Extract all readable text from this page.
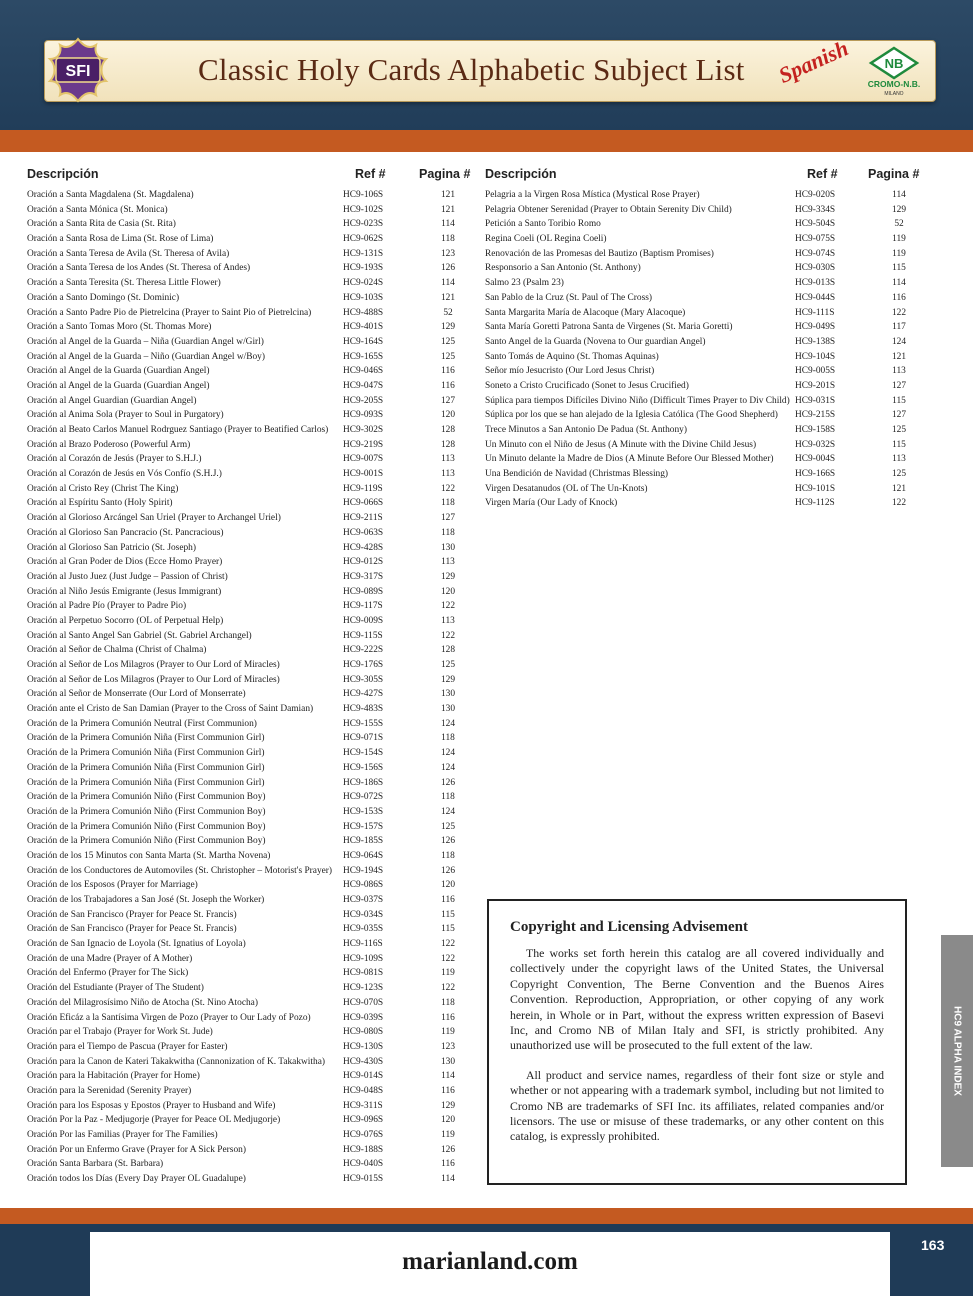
SFI	Classic Holy Cards Alphabetic Subject List Spanish	NB
CROMO-N.B.
MILANO
Descripción	Ref #	Pagina # Descripción	Ref # Pagina #
Oración a Santa Magdalena (St. Magdalena)	HC9-106S	121
Oración a Santa Mónica (St. Monica)	HC9-102S	121
Oración a Santa Rita de Casia (St. Rita)	HC9-023S	114
Oración a Santa Rosa de Lima (St. Rose of Lima)	HC9-062S	118
Oración a Santa Teresa de Avila (St. Theresa of Avila)	HC9-131S	123
Oración a Santa Teresa de los Andes (St. Theresa of Andes)	HC9-193S	126
Oración a Santa Teresita (St. Theresa Little Flower)	HC9-024S	114
Oración a Santo Domingo (St. Dominic)	HC9-103S	121
Oración a Santo Padre Pio de Pietrelcina (Prayer to Saint Pio of Pietrelcina)	HC9-488S	52
Oración a Santo Tomas Moro (St. Thomas More)	HC9-401S	129
Oración al Angel de la Guarda – Niña (Guardian Angel w/Girl)	HC9-164S	125
Oración al Angel de la Guarda – Niño (Guardian Angel w/Boy)	HC9-165S	125
Oración al Angel de la Guarda (Guardian Angel)	HC9-046S	116
Oración al Angel de la Guarda (Guardian Angel)	HC9-047S	116
Oración al Angel Guardian (Guardian Angel)	HC9-205S	127
Oración al Anima Sola (Prayer to Soul in Purgatory)	HC9-093S	120
Oración al Beato Carlos Manuel Rodrguez Santiago (Prayer to Beatified Carlos) HC9-302S	128
Oración al Brazo Poderoso (Powerful Arm)	HC9-219S	128
Oración al Corazón de Jesús (Prayer to S.H.J.)	HC9-007S	113
Oración al Corazón de Jesús en Vós Confío (S.H.J.)	HC9-001S	113
Oración al Cristo Rey (Christ The King)	HC9-119S	122
Oración al Espíritu Santo (Holy Spirit)	HC9-066S	118
Oración al Glorioso Arcángel San Uriel (Prayer to Archangel Uriel)	HC9-211S	127
Oración al Glorioso San Pancracio (St. Pancracious)	HC9-063S	118
Oración al Glorioso San Patricio (St. Joseph)	HC9-428S	130
Oración al Gran Poder de Dios (Ecce Homo Prayer)	HC9-012S	113
Oración al Justo Juez (Just Judge – Passion of Christ)	HC9-317S	129
Oración al Niño Jesús Emigrante (Jesus Immigrant)	HC9-089S	120
Oración al Padre Pío (Prayer to Padre Pio)	HC9-117S	122
Oración al Perpetuo Socorro (OL of Perpetual Help)	HC9-009S	113
Oración al Santo Angel San Gabriel (St. Gabriel Archangel)	HC9-115S	122
Oración al Señor de Chalma (Christ of Chalma)	HC9-222S	128
Oración al Señor de Los Milagros (Prayer to Our Lord of Miracles)	HC9-176S	125
Oración al Señor de Los Milagros (Prayer to Our Lord of Miracles)	HC9-305S	129
Oración al Señor de Monserrate (Our Lord of Monserrate)	HC9-427S	130
Oración ante el Cristo de San Damian (Prayer to the Cross of Saint Damian)	HC9-483S	130
Oración de la Primera Comunión Neutral (First Communion)	HC9-155S	124
Oración de la Primera Comunión Niña (First Communion Girl)	HC9-071S	118
Oración de la Primera Comunión Niña (First Communion Girl)	HC9-154S	124
Oración de la Primera Comunión Niña (First Communion Girl)	HC9-156S	124
Oración de la Primera Comunión Niña (First Communion Girl)	HC9-186S	126
Oración de la Primera Comunión Niño (First Communion Boy)	HC9-072S	118
Oración de la Primera Comunión Niño (First Communion Boy)	HC9-153S	124
Oración de la Primera Comunión Niño (First Communion Boy)	HC9-157S	125
Oración de la Primera Comunión Niño (First Communion Boy)	HC9-185S	126
Oración de los 15 Minutos con Santa Marta (St. Martha Novena)	HC9-064S	118
Oración de los Conductores de Automoviles (St. Christopher – Motorist's Prayer) HC9-194S	126
Oración de los Esposos (Prayer for Marriage)	HC9-086S	120
Oración de los Trabajadores a San José (St. Joseph the Worker)	HC9-037S	116
Oración de San Francisco (Prayer for Peace St. Francis)	HC9-034S	115
Oración de San Francisco (Prayer for Peace St. Francis)	HC9-035S	115
Oración de San Ignacio de Loyola (St. Ignatius of Loyola)	HC9-116S	122
Oración de una Madre (Prayer of A Mother)	HC9-109S	122
Oración del Enfermo (Prayer for The Sick)	HC9-081S	119
Oración del Estudiante (Prayer of The Student)	HC9-123S	122
Oración del Milagrosísimo Niño de Atocha (St. Nino Atocha)	HC9-070S	118
Oración Eficáz a la Santísima Virgen de Pozo (Prayer to Our Lady of Pozo)	HC9-039S	116
Oración par el Trabajo (Prayer for Work St. Jude)	HC9-080S	119
Oración para el Tiempo de Pascua (Prayer for Easter)	HC9-130S	123
Oración para la Canon de Kateri Takakwitha (Cannonization of K. Takakwitha) HC9-430S	130
Oración para la Habitación (Prayer for Home)	HC9-014S	114
Oración para la Serenidad (Serenity Prayer)	HC9-048S	116
Oración para los Esposas y Epostos (Prayer to Husband and Wife)	HC9-311S	129
Oración Por la Paz - Medjugorje (Prayer for Peace OL Medjugorje)	HC9-096S	120
Oración Por las Familias (Prayer for The Families)	HC9-076S	119
Oración Por un Enfermo Grave (Prayer for A Sick Person)	HC9-188S	126
Oración Santa Barbara (St. Barbara)	HC9-040S	116
Oración todos los Días (Every Day Prayer OL Guadalupe)	HC9-015S	114
Pelagria a la Virgen Rosa Mística (Mystical Rose Prayer)	HC9-020S	114
Pelagria Obtener Serenidad (Prayer to Obtain Serenity Div Child)	HC9-334S	129
Petición a Santo Toribio Romo	HC9-504S	52
Regina Coeli (OL Regina Coeli)	HC9-075S	119
Renovación de las Promesas del Bautizo (Baptism Promises)	HC9-074S	119
Responsorio a San Antonio (St. Anthony)	HC9-030S	115
Salmo 23 (Psalm 23)	HC9-013S	114
San Pablo de la Cruz (St. Paul of The Cross)	HC9-044S	116
Santa Margarita María de Alacoque (Mary Alacoque)	HC9-111S	122
Santa María Goretti Patrona Santa de Virgenes (St. Maria Goretti)	HC9-049S	117
Santo Angel de la Guarda (Novena to Our guardian Angel)	HC9-138S	124
Santo Tomás de Aquino (St. Thomas Aquinas)	HC9-104S	121
Señor mío Jesucristo (Our Lord Jesus Christ)	HC9-005S	113
Soneto a Cristo Crucificado (Sonet to Jesus Crucified)	HC9-201S	127
Súplica para tiempos Difíciles Divino Niño (Difficult Times Prayer to Div Child) HC9-031S	115
Súplica por los que se han alejado de la Iglesia Católica (The Good Shepherd) HC9-215S	127
Trece Minutos a San Antonio De Padua (St. Anthony)	HC9-158S	125
Un Minuto con el Niño de Jesus (A Minute with the Divine Child Jesus)	HC9-032S	115
Un Minuto delante la Madre de Dios (A Minute Before Our Blessed Mother) HC9-004S	113
Una Bendición de Navidad (Christmas Blessing)	HC9-166S	125
Virgen Desatanudos (OL of The Un-Knots)	HC9-101S	121
Virgen María (Our Lady of Knock)	HC9-112S	122
Copyright and Licensing Advisement

The works set forth herein this catalog are all covered individually and collectively under the copyright laws of the United States, the Universal Copyright Convention, The Berne Convention and the Buenos Aires Convention. Reproduction, Appropriation, or other copying of any work herein, in Whole or in Part, without the express written expression of Basevi Inc, and Cromo NB of Milan Italy and SFI, is strictly prohibited. Any unauthorized use will be prosecuted to the full extent of the law.

All product and service names, regardless of their font size or style and whether or not appearing with a trademark symbol, including but not limited to Cromo NB are trademarks of SFI Inc. its affiliates, related companies and/or licensors. The use or misuse of these trademarks, or any other content on this catalog, is expressly prohibited.

HC9 ALPHA INDEX
marianland.com
163
